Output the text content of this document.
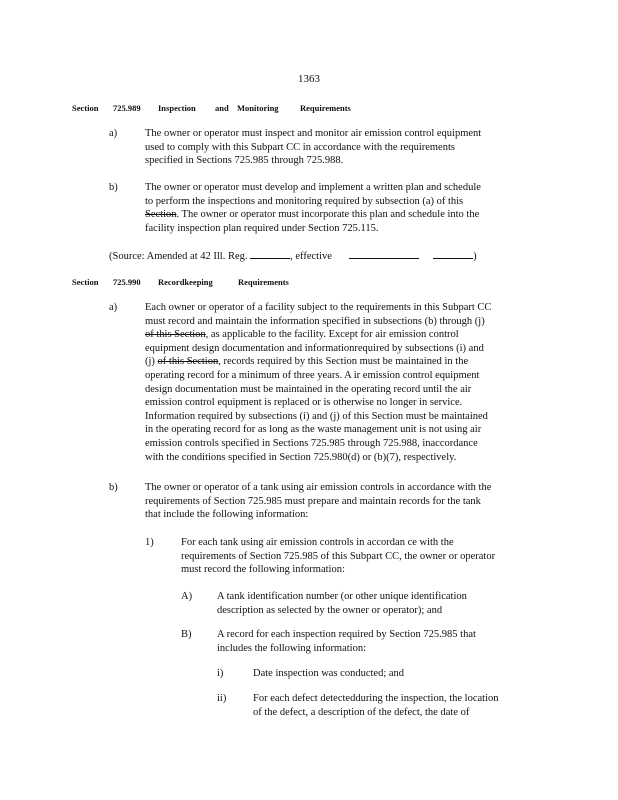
1363
Section 725.989 Inspection and Monitoring	Requirements
a)	The owner or operator must inspect and monitor air emission control equipment
used to comply with this Subpart CC in accordance with the requirements
specified in Sections 725.985 through 725.988.
b)	The owner or operator must develop and implement a written plan and schedule
to perform the inspections and monitoring required by subsection (a) of this
Section. The owner or operator must incorporate this plan and schedule into the
facility inspection plan required under Section 725.115.
(Source: Amended at 42 Ill. Reg.	, effective	)
Section 725.990 Recordkeeping	Requirements
a)	Each owner or operator of a facility subject to the requirements in this Subpart CC
must record and maintain the information specified in subsections (b) through (j)
of this Section, as applicable to the facility. Except for air emission control
equipment design documentation and informationrequired by subsections (i) and
(j) of this Section, records required by this Section must be maintained in the
operating record for a minimum of three years. A ir emission control equipment
design documentation must be maintained in the operating record until the air
emission control equipment is replaced or is otherwise no longer in service.
Information required by subsections (i) and (j) of this Section must be maintained
in the operating record for as long as the waste management unit is not using air
emission controls specified in Sections 725.985 through 725.988, inaccordance
with the conditions specified in Section 725.980(d) or (b)(7), respectively.
b)	The owner or operator of a tank using air emission controls in accordance with the
requirements of Section 725.985 must prepare and maintain records for the tank
that include the following information:
1)	For each tank using air emission controls in accordan ce with the
requirements of Section 725.985 of this Subpart CC, the owner or operator
must record the following information:
A) A tank identification number (or other unique identification
description as selected by the owner or operator); and
B) A record for each inspection required by Section 725.985 that
includes the following information:
i)	Date inspection was conducted; and
ii)	For each defect detectedduring the inspection, the location
of the defect, a description of the defect, the date of
